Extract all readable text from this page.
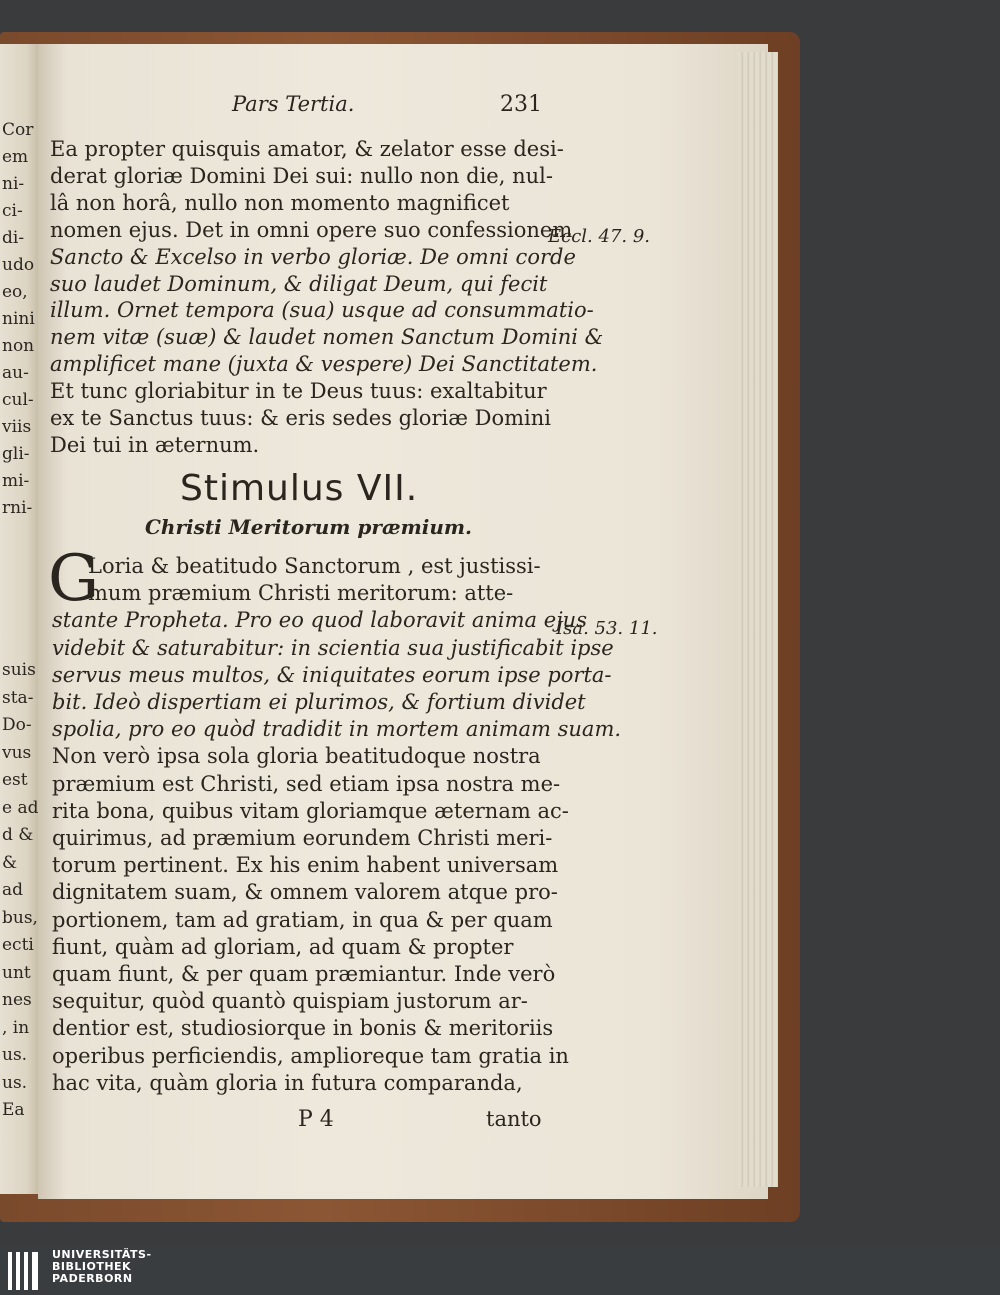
Cor
em
ni-
ci-
di-
udo
eo,
nini
non
au-
cul-
viis
gli-
mi-
rni-
suis
sta-
Do-
vus
est
e ad
d &
&
ad
bus,
ecti
unt
nes
, in
us.
us.
Ea
Pars Tertia.	231
Ea propter quisquis amator, & zelator esse desi-
derat gloriæ Domini Dei sui: nullo non die, nul-
lâ non horâ, nullo non momento magnificet
nomen ejus. Det in omni opere suo confessionem
Sancto & Excelso in verbo gloriæ. De omni corde
suo laudet Dominum, & diligat Deum, qui fecit
illum. Ornet tempora (sua) usque ad consummatio-
nem vitæ (suæ) & laudet nomen Sanctum Domini &
amplificet mane (juxta & vespere) Dei Sanctitatem.
Et tunc gloriabitur in te Deus tuus: exaltabitur
ex te Sanctus tuus: & eris sedes gloriæ Domini
Dei tui in æternum.
Eccl. 47. 9.
Isa. 53. 11.
Stimulus VII.
Christi Meritorum præmium.
G
Loria & beatitudo Sanctorum , est justissi-
mum præmium Christi meritorum: atte-
stante Propheta. Pro eo quod laboravit anima ejus
videbit & saturabitur: in scientia sua justificabit ipse
servus meus multos, & iniquitates eorum ipse porta-
bit. Ideò dispertiam ei plurimos, & fortium dividet
spolia, pro eo quòd tradidit in mortem animam suam.
Non verò ipsa sola gloria beatitudoque nostra
præmium est Christi, sed etiam ipsa nostra me-
rita bona, quibus vitam gloriamque æternam ac-
quirimus, ad præmium eorundem Christi meri-
torum pertinent. Ex his enim habent universam
dignitatem suam, & omnem valorem atque pro-
portionem, tam ad gratiam, in qua & per quam
fiunt, quàm ad gloriam, ad quam & propter
quam fiunt, & per quam præmiantur. Inde verò
sequitur, quòd quantò quispiam justorum ar-
dentior est, studiosiorque in bonis & meritoriis
operibus perficiendis, amplioreque tam gratia in
hac vita, quàm gloria in futura comparanda,
P 4	tanto
UNIVERSITÄTS-
BIBLIOTHEK
PADERBORN
